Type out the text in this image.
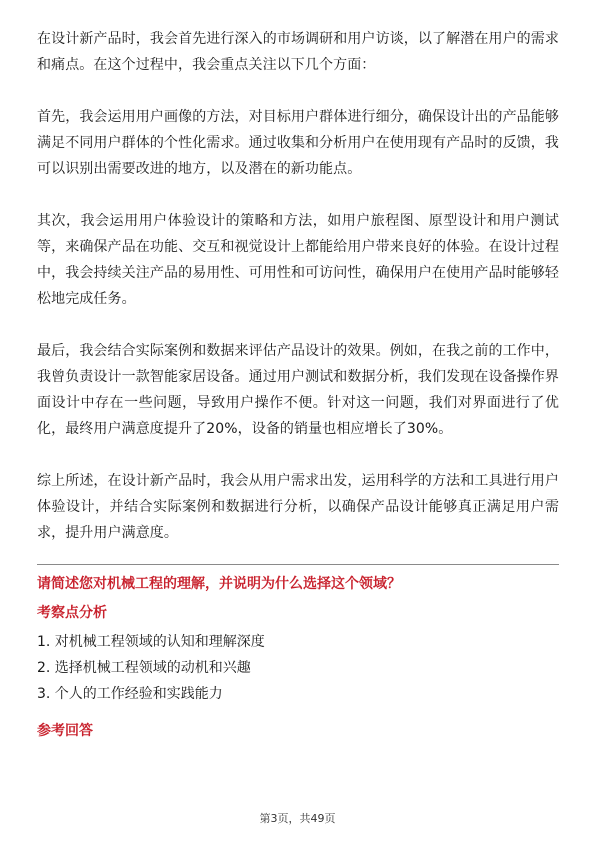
在设计新产品时，我会首先进行深入的市场调研和用户访谈，以了解潜在用户的需求和痛点。在这个过程中，我会重点关注以下几个方面：

首先，我会运用用户画像的方法，对目标用户群体进行细分，确保设计出的产品能够满足不同用户群体的个性化需求。通过收集和分析用户在使用现有产品时的反馈，我可以识别出需要改进的地方，以及潜在的新功能点。

其次，我会运用用户体验设计的策略和方法，如用户旅程图、原型设计和用户测试等，来确保产品在功能、交互和视觉设计上都能给用户带来良好的体验。在设计过程中，我会持续关注产品的易用性、可用性和可访问性，确保用户在使用产品时能够轻松地完成任务。

最后，我会结合实际案例和数据来评估产品设计的效果。例如，在我之前的工作中，我曾负责设计一款智能家居设备。通过用户测试和数据分析，我们发现在设备操作界面设计中存在一些问题，导致用户操作不便。针对这一问题，我们对界面进行了优化，最终用户满意度提升了20%，设备的销量也相应增长了30%。

综上所述，在设计新产品时，我会从用户需求出发，运用科学的方法和工具进行用户体验设计，并结合实际案例和数据进行分析，以确保产品设计能够真正满足用户需求，提升用户满意度。

请简述您对机械工程的理解，并说明为什么选择这个领域？
考察点分析
1. 对机械工程领域的认知和理解深度
2. 选择机械工程领域的动机和兴趣
3. 个人的工作经验和实践能力
参考回答
第3页，共49页
